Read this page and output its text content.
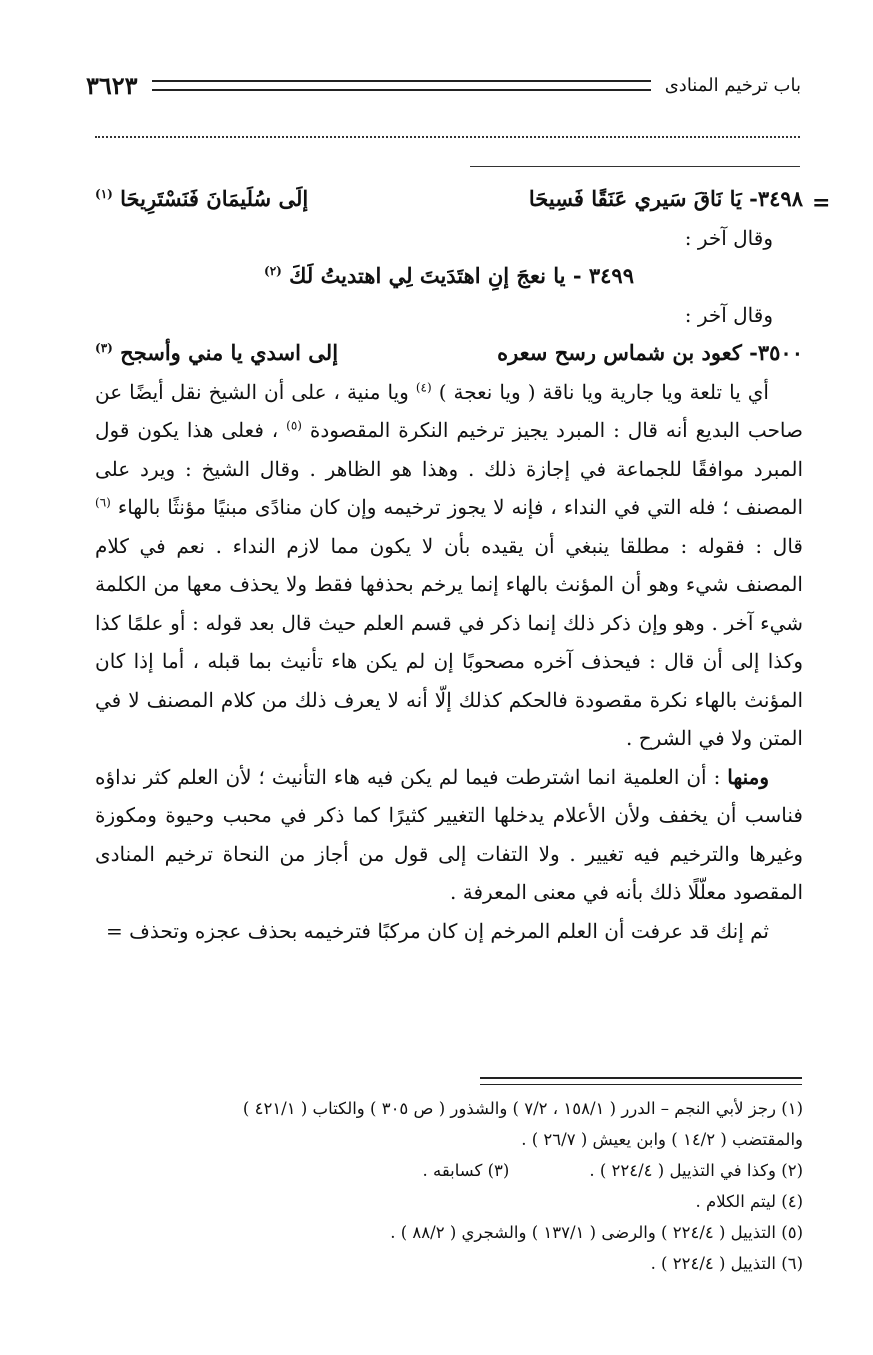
باب ترخيم المنادى
٣٦٢٣
=
٣٤٩٨- يَا نَاقَ سَيري عَنَقًا فَسِيحَا
إلَى سُلَيمَانَ فَنَسْتَرِيحَا $^{(١)}$
وقال آخر :
٣٤٩٩ - يا نعجَ إنِ اهتَدَيتَ لِي اهتديتُ لَكَ $^{(٢)}$
وقال آخر :
٣٥٠٠- كعود بن شماس رسح سعره
إلى اسدي يا مني وأسجح $^{(٣)}$

أي يا تلعة ويا جارية ويا ناقة ( ويا نعجة ) $^{(٤)}$ ويا منية ، على أن الشيخ نقل أيضًا عن صاحب البديع أنه قال : المبرد يجيز ترخيم النكرة المقصودة $^{(٥)}$ ، فعلى هذا يكون قول المبرد موافقًا للجماعة في إجازة ذلك . وهذا هو الظاهر . وقال الشيخ : ويرد على المصنف ؛ فله التي في النداء ، فإنه لا يجوز ترخيمه وإن كان منادًى مبنيًا مؤنثًا بالهاء $^{(٦)}$ قال : فقوله : مطلقا ينبغي أن يقيده بأن لا يكون مما لازم النداء . نعم في كلام المصنف شيء وهو أن المؤنث بالهاء إنما يرخم بحذفها فقط ولا يحذف معها من الكلمة شيء آخر . وهو وإن ذكر ذلك إنما ذكر في قسم العلم حيث قال بعد قوله : أو علمًا كذا وكذا إلى أن قال : فيحذف آخره مصحوبًا إن لم يكن هاء تأنيث بما قبله ، أما إذا كان المؤنث بالهاء نكرة مقصودة فالحكم كذلك إلّا أنه لا يعرف ذلك من كلام المصنف لا في المتن ولا في الشرح .

ومنها : أن العلمية انما اشترطت فيما لم يكن فيه هاء التأنيث ؛ لأن العلم كثر نداؤه فناسب أن يخفف ولأن الأعلام يدخلها التغيير كثيرًا كما ذكر في محبب وحيوة ومكوزة وغيرها والترخيم فيه تغيير . ولا التفات إلى قول من أجاز من النحاة ترخيم المنادى المقصود معلّلًا ذلك بأنه في معنى المعرفة .

ثم إنك قد عرفت أن العلم المرخم إن كان مركبًا فترخيمه بحذف عجزه وتحذف =

(١) رجز لأبي النجم – الدرر ( ١٥٨/١ ، ٧/٢ ) والشذور ( ص ٣٠٥ ) والكتاب ( ٤٢١/١ )
والمقتضب ( ١٤/٢ ) وابن يعيش ( ٢٦/٧ ) .
(٢) وكذا في التذييل ( ٢٢٤/٤ ) .(٣) كسابقه .
(٤) ليتم الكلام .
(٥) التذييل ( ٢٢٤/٤ ) والرضى ( ١٣٧/١ ) والشجري ( ٨٨/٢ ) .
(٦) التذييل ( ٢٢٤/٤ ) .
